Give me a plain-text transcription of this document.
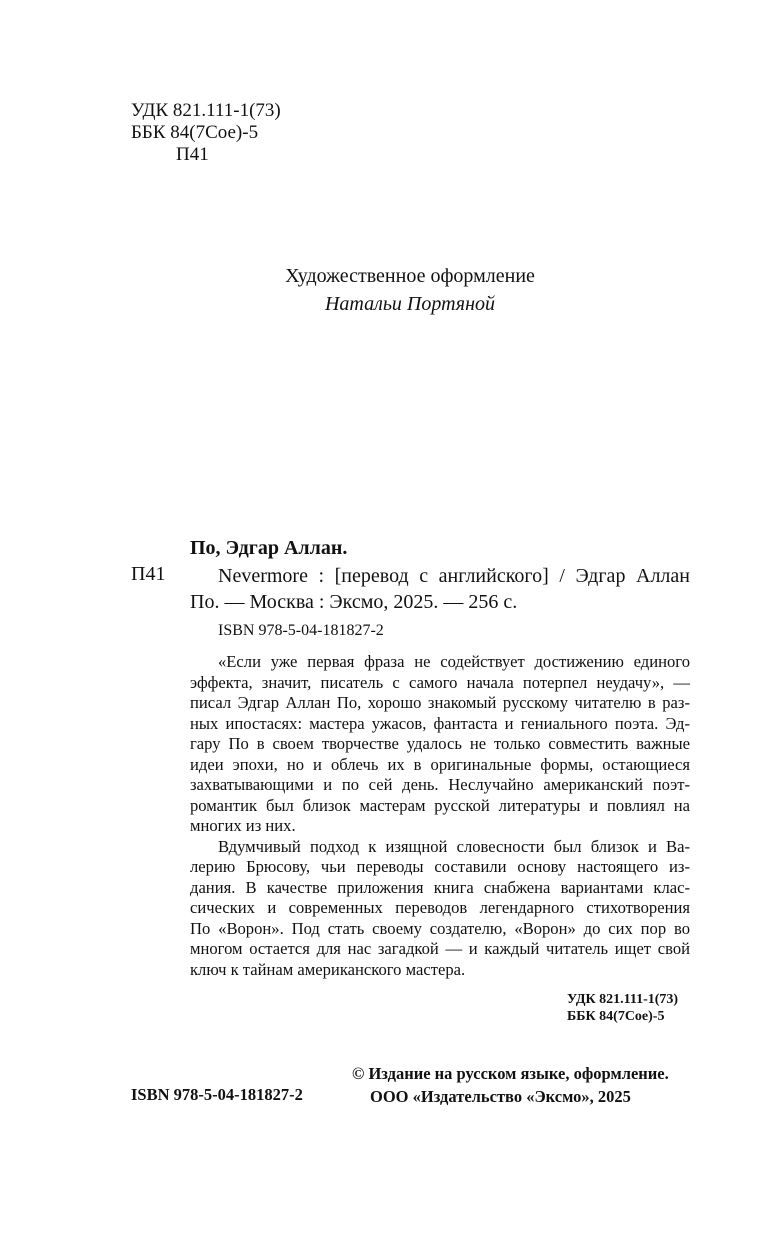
УДК 821.111-1(73)
ББК 84(7Сое)-5
П41
Художественное оформление
Натальи Портяной
По, Эдгар Аллан.
П41	Nevermore : [перевод с английского] / Эдгар Аллан
По. — Москва : Эксмо, 2025. — 256 с.
ISBN 978-5-04-181827-2

«Если уже первая фраза не содействует достижению единого
эффекта, значит, писатель с самого начала потерпел неудачу», —
писал Эдгар Аллан По, хорошо знакомый русскому читателю в раз-
ных ипостасях: мастера ужасов, фантаста и гениального поэта. Эд-
гару По в своем творчестве удалось не только совместить важные
идеи эпохи, но и облечь их в оригинальные формы, остающиеся
захватывающими и по сей день. Неслучайно американский поэт-
романтик был близок мастерам русской литературы и повлиял на
многих из них.

Вдумчивый подход к изящной словесности был близок и Ва-
лерию Брюсову, чьи переводы составили основу настоящего из-
дания. В качестве приложения книга снабжена вариантами клас-
сических и современных переводов легендарного стихотворения
По «Ворон». Под стать своему создателю, «Ворон» до сих пор во
многом остается для нас загадкой — и каждый читатель ищет свой
ключ к тайнам американского мастера.

УДК 821.111-1(73)
ББК 84(7Сое)-5
© Издание на русском языке, оформление.
ООО «Издательство «Эксмо», 2025
ISBN 978-5-04-181827-2
